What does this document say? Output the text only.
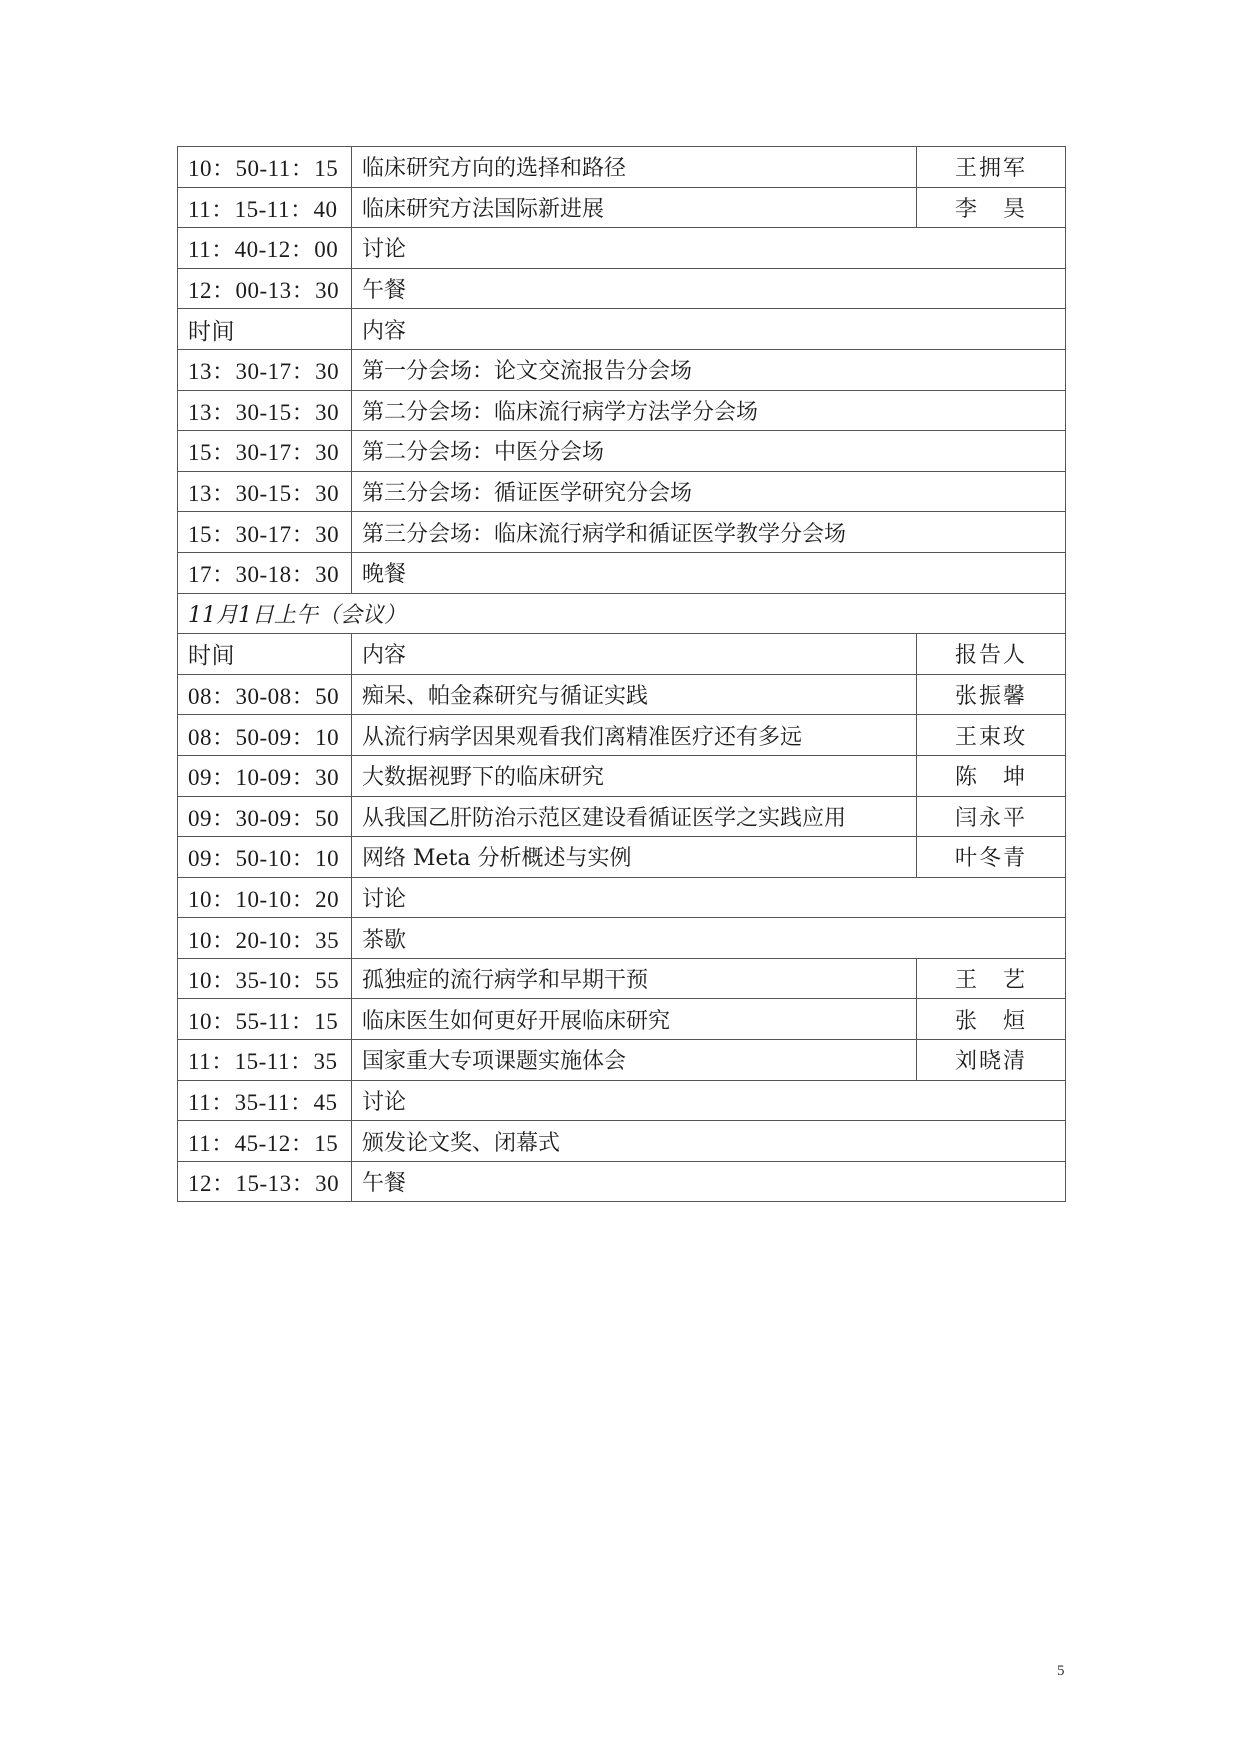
10：50-11：15	临床研究方向的选择和路径	王拥军
11：15-11：40	临床研究方法国际新进展	李　昊
11：40-12：00	讨论	
12：00-13：30	午餐	
时间	内容	
13：30-17：30	第一分会场：论文交流报告分会场	
13：30-15：30	第二分会场：临床流行病学方法学分会场	
15：30-17：30	第二分会场：中医分会场	
13：30-15：30	第三分会场：循证医学研究分会场	
15：30-17：30	第三分会场：临床流行病学和循证医学教学分会场	
17：30-18：30	晚餐	
11月1日上午（会议）		
时间	内容	报告人
08：30-08：50	痴呆、帕金森研究与循证实践	张振馨
08：50-09：10	从流行病学因果观看我们离精准医疗还有多远	王束玫
09：10-09：30	大数据视野下的临床研究	陈　坤
09：30-09：50	从我国乙肝防治示范区建设看循证医学之实践应用	闫永平
09：50-10：10	网络 Meta 分析概述与实例	叶冬青
10：10-10：20	讨论	
10：20-10：35	茶歇	
10：35-10：55	孤独症的流行病学和早期干预	王　艺
10：55-11：15	临床医生如何更好开展临床研究	张　烜
11：15-11：35	国家重大专项课题实施体会	刘晓清
11：35-11：45	讨论	
11：45-12：15	颁发论文奖、闭幕式	
12：15-13：30	午餐	
5
